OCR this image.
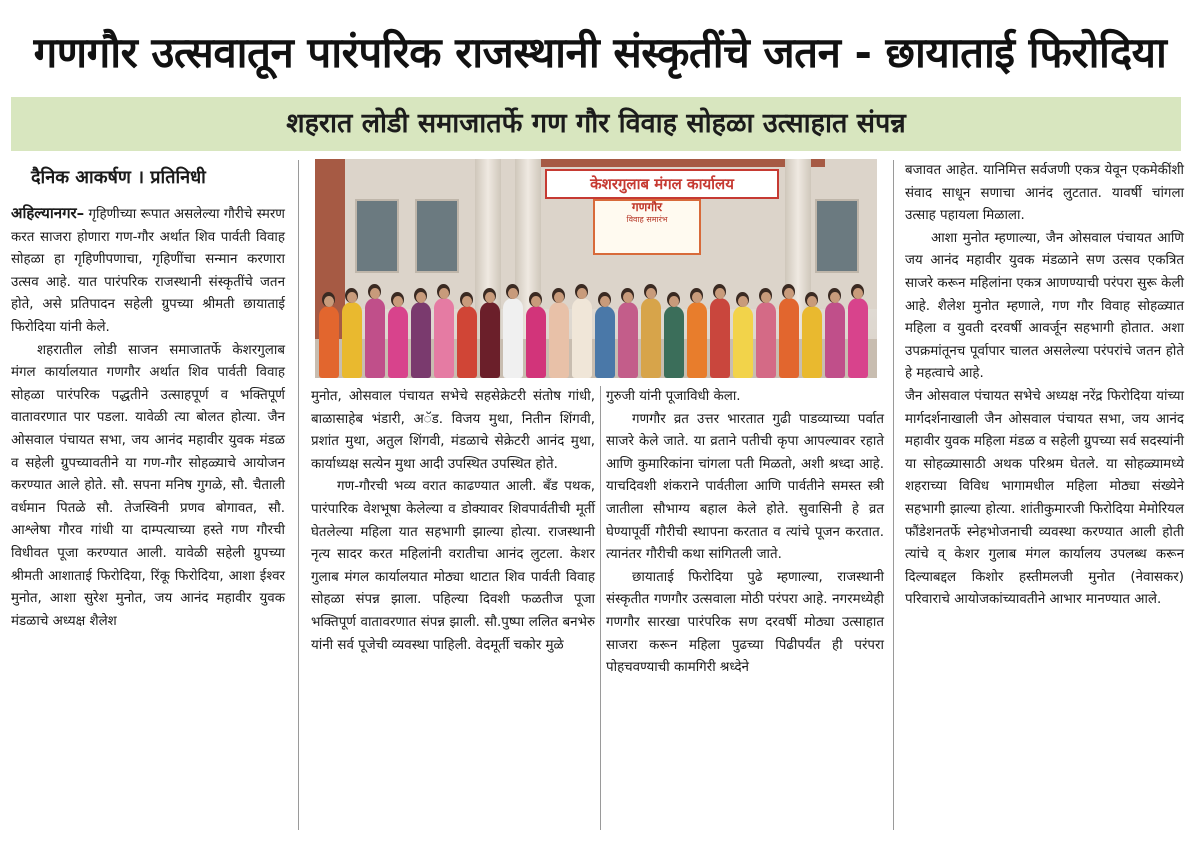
गणगौर उत्सवातून पारंपरिक राजस्थानी संस्कृतींचे जतन - छायाताई फिरोदिया
शहरात लोडी समाजातर्फे गण गौर विवाह सोहळा उत्साहात संपन्न
दैनिक आकर्षण । प्रतिनिधी

अहिल्यानगर– गृहिणीच्या रूपात असलेल्या गौरीचे स्मरण करत साजरा होणारा गण-गौर अर्थात शिव पार्वती विवाह सोहळा हा गृहिणीपणाचा, गृहिणींचा सन्मान करणारा उत्सव आहे. यात पारंपरिक राजस्थानी संस्कृतींचे जतन होते, असे प्रतिपादन सहेली ग्रुपच्या श्रीमती छायाताई फिरोदिया यांनी केले.

शहरातील लोडी साजन समाजातर्फे केशरगुलाब मंगल कार्यालयात गणगौर अर्थात शिव पार्वती विवाह सोहळा पारंपरिक पद्धतीने उत्साहपूर्ण व भक्तिपूर्ण वातावरणात पार पडला. यावेळी त्या बोलत होत्या. जैन ओसवाल पंचायत सभा, जय आनंद महावीर युवक मंडळ व सहेली ग्रुपच्यावतीने या गण-गौर सोहळ्याचे आयोजन करण्यात आले होते. सौ. सपना मनिष गुगळे, सौ. चैताली वर्धमान पितळे सौ. तेजस्विनी प्रणव बोगावत, सौ. आश्लेषा गौरव गांधी या दाम्पत्याच्या हस्ते गण गौरची विधीवत पूजा करण्यात आली. यावेळी सहेली ग्रुपच्या श्रीमती आशाताई फिरोदिया, रिंकू फिरोदिया, आशा ईश्वर मुनोत, आशा सुरेश मुनोत, जय आनंद महावीर युवक मंडळाचे अध्यक्ष शैलेश

केशरगुलाब मंगल कार्यालय
गणगौर
विवाह समारंभ

मुनोत, ओसवाल पंचायत सभेचे सहसेक्रेटरी संतोष गांधी, बाळासाहेब भंडारी, अॅड. विजय मुथा, नितीन शिंगवी, प्रशांत मुथा, अतुल शिंगवी, मंडळाचे सेक्रेटरी आनंद मुथा, कार्याध्यक्ष सत्येन मुथा आदी उपस्थित उपस्थित होते.

गण-गौरची भव्य वरात काढण्यात आली. बँड पथक, पारंपारिक वेशभूषा केलेल्या व डोक्यावर शिवपार्वतीची मूर्ती घेतलेल्या महिला यात सहभागी झाल्या होत्या. राजस्थानी नृत्य सादर करत महिलांनी वरातीचा आनंद लुटला. केशर गुलाब मंगल कार्यालयात मोठ्या थाटात शिव पार्वती विवाह सोहळा संपन्न झाला. पहिल्या दिवशी फळतीज पूजा भक्तिपूर्ण वातावरणात संपन्न झाली. सौ.पुष्पा ललित बनभेरु यांनी सर्व पूजेची व्यवस्था पाहिली. वेदमूर्ती चकोर मुळे

गुरुजी यांनी पूजाविधी केला.

गणगौर व्रत उत्तर भारतात गुढी पाडव्याच्या पर्वात साजरे केले जाते. या व्रताने पतीची कृपा आपल्यावर रहाते आणि कुमारिकांना चांगला पती मिळतो, अशी श्रध्दा आहे. याचदिवशी शंकराने पार्वतीला आणि पार्वतीने समस्त स्त्री जातीला सौभाग्य बहाल केले होते. सुवासिनी हे व्रत घेण्यापूर्वी गौरीची स्थापना करतात व त्यांचे पूजन करतात. त्यानंतर गौरीची कथा सांगितली जाते.

छायाताई फिरोदिया पुढे म्हणाल्या, राजस्थानी संस्कृतीत गणगौर उत्सवाला मोठी परंपरा आहे. नगरमध्येही गणगौर सारखा पारंपरिक सण दरवर्षी मोठ्या उत्साहात साजरा करून महिला पुढच्या पिढीपर्यंत ही परंपरा पोहचवण्याची कामगिरी श्रध्देने

बजावत आहेत. यानिमित्त सर्वजणी एकत्र येवून एकमेकींशी संवाद साधून सणाचा आनंद लुटतात. यावर्षी चांगला उत्साह पहायला मिळाला.

आशा मुनोत म्हणाल्या, जैन ओसवाल पंचायत आणि जय आनंद महावीर युवक मंडळाने सण उत्सव एकत्रित साजरे करून महिलांना एकत्र आणण्याची परंपरा सुरू केली आहे. शैलेश मुनोत म्हणाले, गण गौर विवाह सोहळ्यात महिला व युवती दरवर्षी आवर्जून सहभागी होतात. अशा उपक्रमांतूनच पूर्वापार चालत असलेल्या परंपरांचे जतन होते हे महत्वाचे आहे.

जैन ओसवाल पंचायत सभेचे अध्यक्ष नरेंद्र फिरोदिया यांच्या मार्गदर्शनाखाली जैन ओसवाल पंचायत सभा, जय आनंद महावीर युवक महिला मंडळ व सहेली ग्रुपच्या सर्व सदस्यांनी या सोहळ्यासाठी अथक परिश्रम घेतले. या सोहळ्यामध्ये शहराच्या विविध भागामधील महिला मोठ्या संख्येने सहभागी झाल्या होत्या. शांतीकुमारजी फिरोदिया मेमोरियल फौंडेशनतर्फे स्नेहभोजनाची व्यवस्था करण्यात आली होती त्यांचे व् केशर गुलाब मंगल कार्यालय उपलब्ध करून दिल्याबद्दल किशोर हस्तीमलजी मुनोत (नेवासकर) परिवाराचे आयोजकांच्यावतीने आभार मानण्यात आले.
